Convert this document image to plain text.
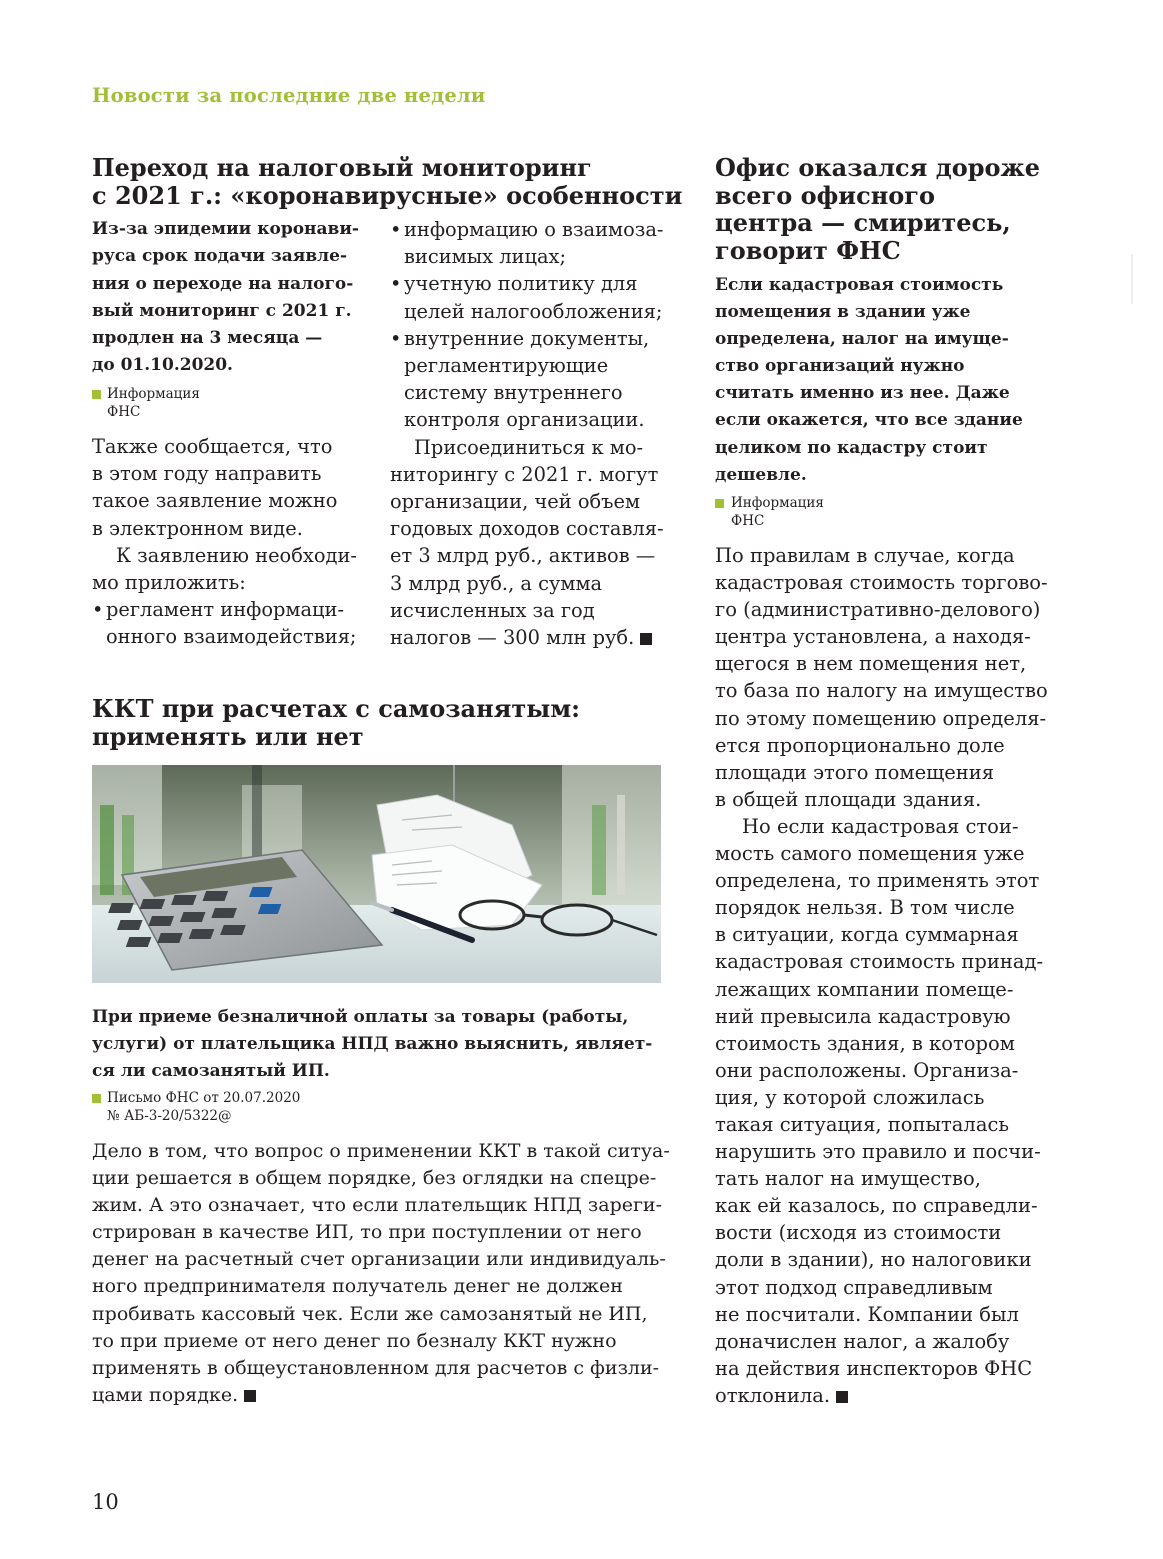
Новости за последние две недели
Переход на налоговый мониторинг
с 2021 г.: «коронавирусные» особенности
Из-за эпидемии коронави-
руса срок подачи заявле-
ния о переходе на налого-
вый мониторинг с 2021 г.
продлен на 3 месяца —
до 01.10.2020.
Информация
ФНС
Также сообщается, что
в этом году направить
такое заявление можно
в электронном виде.
К заявлению необходи-
мо приложить:
• регламент информаци-
онного взаимодействия;
• информацию о взаимоза-
висимых лицах;
• учетную политику для
целей налогообложения;
• внутренние документы,
регламентирующие
систему внутреннего
контроля организации.
Присоединиться к мо-
ниторингу с 2021 г. могут
организации, чей объем
годовых доходов составля-
ет 3 млрд руб., активов —
3 млрд руб., а сумма
исчисленных за год
налогов — 300 млн руб.
ККТ при расчетах с самозанятым:
применять или нет
При приеме безналичной оплаты за товары (работы,
услуги) от плательщика НПД важно выяснить, являет-
ся ли самозанятый ИП.
Письмо ФНС от 20.07.2020
№ АБ-3-20/5322@
Дело в том, что вопрос о применении ККТ в такой ситуа-
ции решается в общем порядке, без оглядки на спецре-
жим. А это означает, что если плательщик НПД зареги-
стрирован в качестве ИП, то при поступлении от него
денег на расчетный счет организации или индивидуаль-
ного предпринимателя получатель денег не должен
пробивать кассовый чек. Если же самозанятый не ИП,
то при приеме от него денег по безналу ККТ нужно
применять в общеустановленном для расчетов с физли-
цами порядке.
Офис оказался дороже
всего офисного
центра — смиритесь,
говорит ФНС
Если кадастровая стоимость
помещения в здании уже
определена, налог на имуще-
ство организаций нужно
считать именно из нее. Даже
если окажется, что все здание
целиком по кадастру стоит
дешевле.
Информация
ФНС
По правилам в случае, когда
кадастровая стоимость торгово-
го (административно-делового)
центра установлена, а находя-
щегося в нем помещения нет,
то база по налогу на имущество
по этому помещению определя-
ется пропорционально доле
площади этого помещения
в общей площади здания.
Но если кадастровая стои-
мость самого помещения уже
определена, то применять этот
порядок нельзя. В том числе
в ситуации, когда суммарная
кадастровая стоимость принад-
лежащих компании помеще-
ний превысила кадастровую
стоимость здания, в котором
они расположены. Организа-
ция, у которой сложилась
такая ситуация, попыталась
нарушить это правило и посчи-
тать налог на имущество,
как ей казалось, по справедли-
вости (исходя из стоимости
доли в здании), но налоговики
этот подход справедливым
не посчитали. Компании был
доначислен налог, а жалобу
на действия инспекторов ФНС
отклонила.
10
